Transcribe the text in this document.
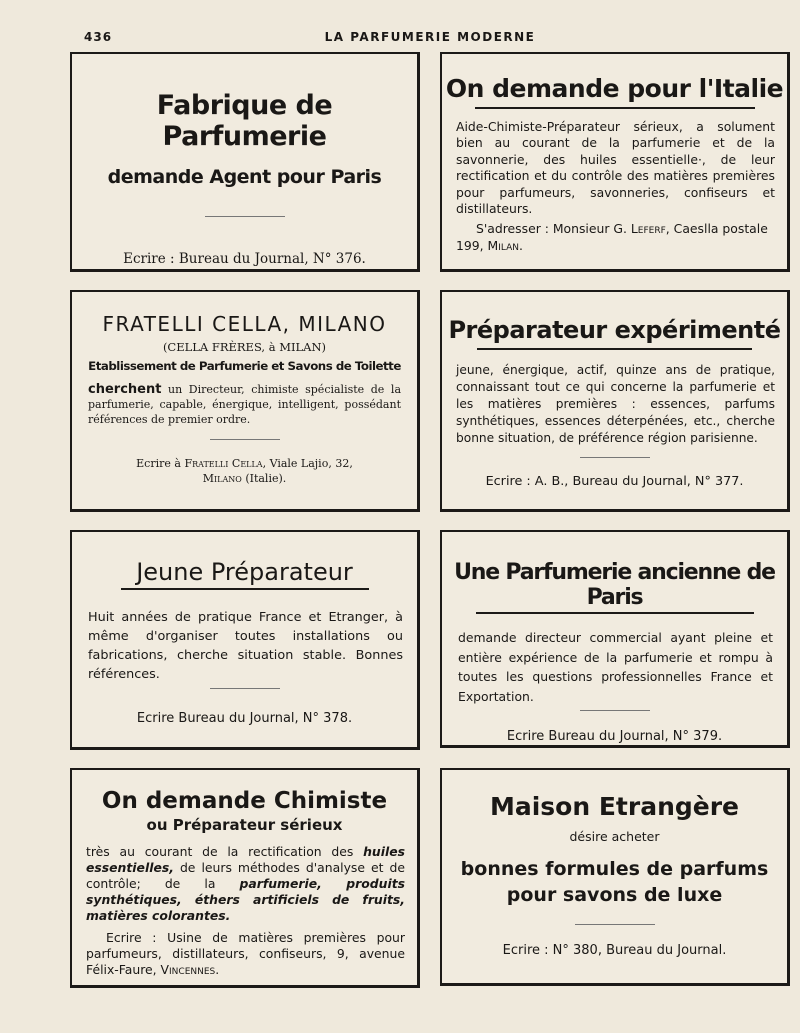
436	LA PARFUMERIE MODERNE
Fabrique de Parfumerie
demande Agent pour Paris
Ecrire : Bureau du Journal, N° 376.
On demande pour l'Italie

Aide-Chimiste-Préparateur sérieux, a solument bien au courant de la parfumerie et de la savonnerie, des huiles essentielle·, de leur rectification et du contrôle des matières premières pour parfumeurs, savonneries, confiseurs et distillateurs.

S'adresser : Monsieur G. Leferf, Caeslla postale 199, Milan.

FRATELLI CELLA, MILANO
(CELLA FRÈRES, à MILAN)
Etablissement de Parfumerie et Savons de Toilette

cherchent un Directeur, chimiste spécialiste de la parfumerie, capable, énergique, intelligent, possédant références de premier ordre.

Ecrire à Fratelli Cella, Viale Lajio, 32,
Milano (Italie).
Préparateur expérimenté

jeune, énergique, actif, quinze ans de pratique, connaissant tout ce qui concerne la parfumerie et les matières premières : essences, parfums synthétiques, essences déterpénées, etc., cherche bonne situation, de préférence région parisienne.

Ecrire : A. B., Bureau du Journal, N° 377.
Jeune Préparateur

Huit années de pratique France et Etranger, à même d'organiser toutes installations ou fabrications, cherche situation stable. Bonnes références.

Ecrire Bureau du Journal, N° 378.
Une Parfumerie ancienne de Paris

demande directeur commercial ayant pleine et entière expérience de la parfumerie et rompu à toutes les questions professionnelles France et Exportation.

Ecrire Bureau du Journal, N° 379.
On demande Chimiste
ou Préparateur sérieux

très au courant de la rectification des huiles essentielles, de leurs méthodes d'analyse et de contrôle; de la parfumerie, produits synthétiques, éthers artificiels de fruits, matières colorantes.

Ecrire : Usine de matières premières pour parfumeurs, distillateurs, confiseurs, 9, avenue Félix-Faure, Vincennes.

Maison Etrangère
désire acheter
bonnes formules de parfums
pour savons de luxe
Ecrire : N° 380, Bureau du Journal.
